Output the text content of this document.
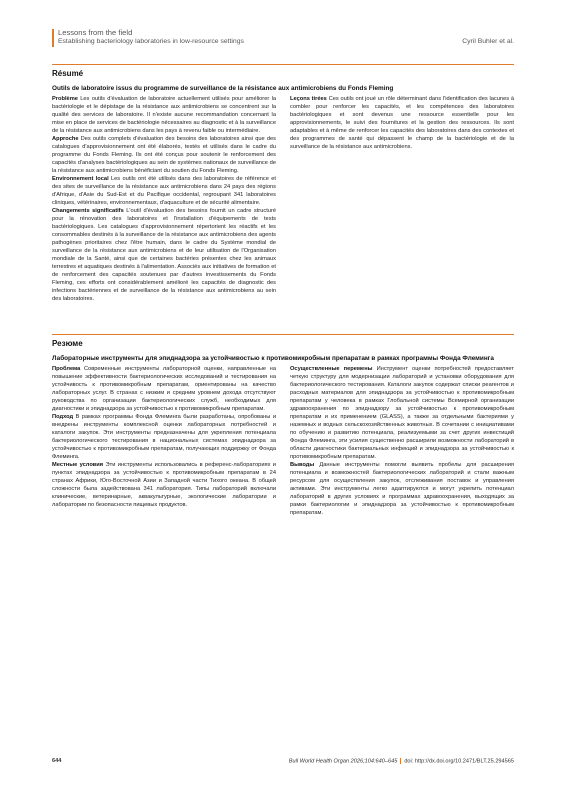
Lessons from the field
Establishing bacteriology laboratories in low-resource settings	Cyril Buhler et al.
Résumé
Outils de laboratoire issus du programme de surveillance de la résistance aux antimicrobiens du Fonds Fleming

Problème Les outils d'évaluation de laboratoire actuellement utilisés pour améliorer la bactériologie et le dépistage de la résistance aux antimicrobiens se concentrent sur la qualité des services de laboratoire. Il n'existe aucune recommandation concernant la mise en place de services de bactériologie nécessaires au diagnostic et à la surveillance de la résistance aux antimicrobiens dans les pays à revenu faible ou intermédiaire.

Approche Des outils complets d'évaluation des besoins des laboratoires ainsi que des catalogues d'approvisionnement ont été élaborés, testés et utilisés dans le cadre du programme du Fonds Fleming. Ils ont été conçus pour soutenir le renforcement des capacités d'analyses bactériologiques au sein de systèmes nationaux de surveillance de la résistance aux antimicrobiens bénéficiant du soutien du Fonds Fleming.

Environnement local Les outils ont été utilisés dans des laboratoires de référence et des sites de surveillance de la résistance aux antimicrobiens dans 24 pays des régions d'Afrique, d'Asie du Sud-Est et du Pacifique occidental, regroupant 341 laboratoires cliniques, vétérinaires, environnementaux, d'aquaculture et de sécurité alimentaire.

Changements significatifs L'outil d'évaluation des besoins fournit un cadre structuré pour la rénovation des laboratoires et l'installation d'équipements de tests bactériologiques. Les catalogues d'approvisionnement répertorient les réactifs et les consommables destinés à la surveillance de la résistance aux antimicrobiens des agents pathogènes prioritaires chez l'être humain, dans le cadre du Système mondial de surveillance de la résistance aux antimicrobiens et de leur utilisation de l'Organisation mondiale de la Santé, ainsi que de certaines bactéries présentes chez les animaux terrestres et aquatiques destinés à l'alimentation. Associés aux initiatives de formation et de renforcement des capacités soutenues par d'autres investissements du Fonds Fleming, ces efforts ont considérablement amélioré les capacités de diagnostic des infections bactériennes et de surveillance de la résistance aux antimicrobiens au sein des laboratoires.

Leçons tirées Ces outils ont joué un rôle déterminant dans l'identification des lacunes à combler pour renforcer les capacités, et les compétences des laboratoires bactériologiques et sont devenus une ressource essentielle pour les approvisionnements, le suivi des fournitures et la gestion des ressources. Ils sont adaptables et à même de renforcer les capacités des laboratoires dans des contextes et des programmes de santé qui dépassent le champ de la bactériologie et de la surveillance de la résistance aux antimicrobiens.

Резюме
Лабораторные инструменты для эпиднадзора за устойчивостью к противомикробным препаратам в рамках программы Фонда Флеминга

Проблема Современные инструменты лабораторной оценки, направленные на повышение эффективности бактериологических исследований и тестирования на устойчивость к противомикробным препаратам, ориентированы на качество лабораторных услуг. В странах с низким и средним уровнем дохода отсутствуют руководства по организации бактериологических служб, необходимых для диагностики и эпиднадзора за устойчивостью к противомикробным препаратам.

Подход В рамках программы Фонда Флеминга были разработаны, опробованы и внедрены инструменты комплексной оценки лабораторных потребностей и каталоги закупок. Эти инструменты предназначены для укрепления потенциала бактериологического тестирования в национальных системах эпиднадзора за устойчивостью к противомикробным препаратам, получающих поддержку от Фонда Флеминга.

Местные условия Эти инструменты использовались в референс-лабораториях и пунктах эпиднадзора за устойчивостью к противомикробным препаратам в 24 странах Африки, Юго-Восточной Азии и Западной части Тихого океана. В общей сложности была задействована 341 лаборатория. Типы лабораторий включали клинические, ветеринарные, аквакультурные, экологические лаборатории и лаборатории по безопасности пищевых продуктов.

Осуществленные перемены Инструмент оценки потребностей предоставляет четкую структуру для модернизации лабораторий и установки оборудования для бактериологического тестирования. Каталоги закупок содержат списки реагентов и расходных материалов для эпиднадзора за устойчивостью к противомикробным препаратам у человека в рамках Глобальной системы Всемирной организации здравоохранения по эпиднадзору за устойчивостью к противомикробным препаратам и их применением (GLASS), а также за отдельными бактериями у наземных и водных сельскохозяйственных животных. В сочетании с инициативами по обучению и развитию потенциала, реализуемыми за счет других инвестиций Фонда Флеминга, эти усилия существенно расширили возможности лабораторий в области диагностики бактериальных инфекций и эпиднадзора за устойчивостью к противомикробным препаратам.

Выводы Данные инструменты помогли выявить пробелы для расширения потенциала и возможностей бактериологических лабораторий и стали важным ресурсом для осуществления закупок, отслеживания поставок и управления активами. Эти инструменты легко адаптируются и могут укрепить потенциал лабораторий в других условиях и программах здравоохранения, выходящих за рамки бактериологии и эпиднадзора за устойчивостью к противомикробным препаратам.

644	Bull World Health Organ 2026;104:640–645 doi: http://dx.doi.org/10.2471/BLT.25.294565
